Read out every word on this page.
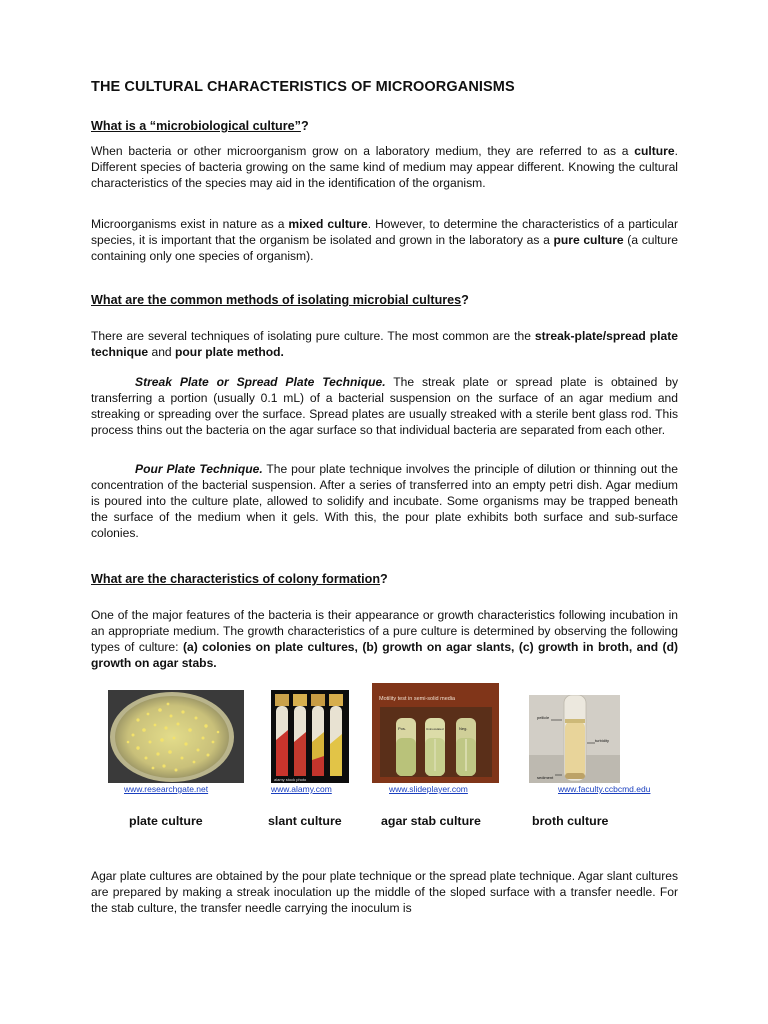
THE CULTURAL CHARACTERISTICS OF MICROORGANISMS
What is a “microbiological culture”?
When bacteria or other microorganism grow on a laboratory medium, they are referred to as a culture. Different species of bacteria growing on the same kind of medium may appear different. Knowing the cultural characteristics of the species may aid in the identification of the organism.
Microorganisms exist in nature as a mixed culture. However, to determine the characteristics of a particular species, it is important that the organism be isolated and grown in the laboratory as a pure culture (a culture containing only one species of organism).
What are the common methods of isolating microbial cultures?
There are several techniques of isolating pure culture. The most common are the streak-plate/spread plate technique and pour plate method.
Streak Plate or Spread Plate Technique. The streak plate or spread plate is obtained by transferring a portion (usually 0.1 mL) of a bacterial suspension on the surface of an agar medium and streaking or spreading over the surface. Spread plates are usually streaked with a sterile bent glass rod. This process thins out the bacteria on the agar surface so that individual bacteria are separated from each other.
Pour Plate Technique. The pour plate technique involves the principle of dilution or thinning out the concentration of the bacterial suspension. After a series of transferred into an empty petri dish. Agar medium is poured into the culture plate, allowed to solidify and incubate. Some organisms may be trapped beneath the surface of the medium when it gels. With this, the pour plate exhibits both surface and sub-surface colonies.
What are the characteristics of colony formation?
One of the major features of the bacteria is their appearance or growth characteristics following incubation in an appropriate medium. The growth characteristics of a pure culture is determined by observing the following types of culture: (a) colonies on plate cultures, (b) growth on agar slants, (c) growth in broth, and (d) growth on agar stabs.
alamy stock photo
Motility test in semi-solid media
Pos.	Uninoculated	Neg.
pellicle
turbidity
sediment
www.researchgate.net	www.alamy.com	www.slideplayer.com	www.faculty.ccbcmd.edu
plate culture	slant culture	agar stab culture	broth culture
Agar plate cultures are obtained by the pour plate technique or the spread plate technique. Agar slant cultures are prepared by making a streak inoculation up the middle of the sloped surface with a transfer needle. For the stab culture, the transfer needle carrying the inoculum is
